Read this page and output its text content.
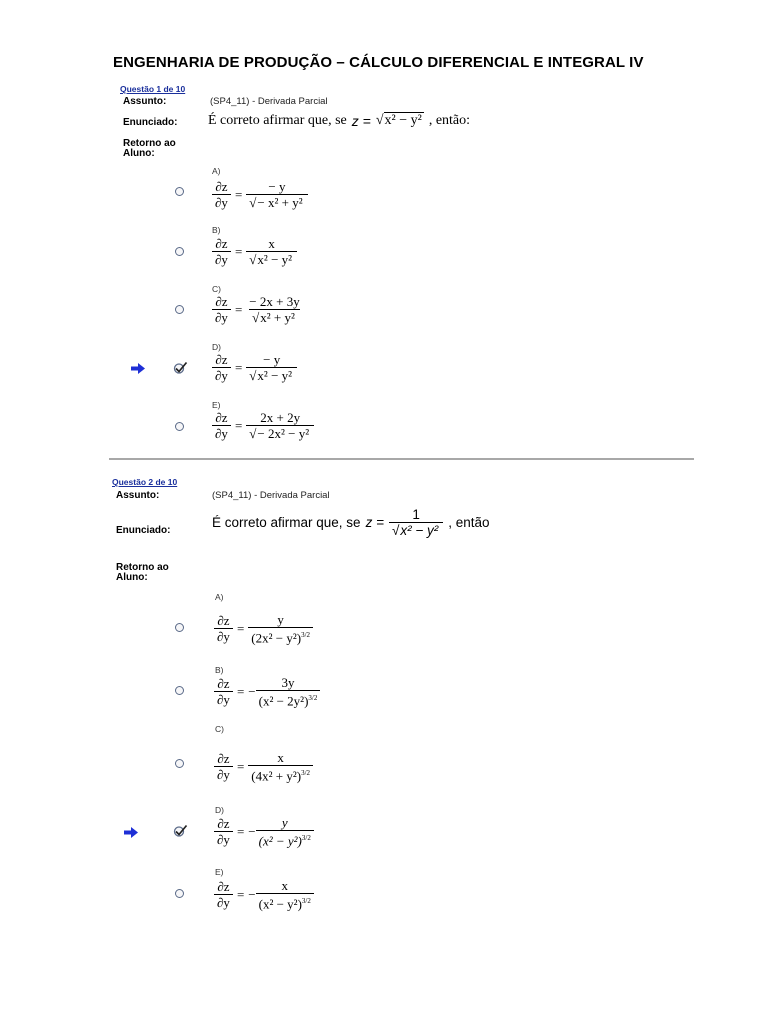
ENGENHARIA DE PRODUÇÃO – CÁLCULO DIFERENCIAL E INTEGRAL IV
Questão 1 de 10
Assunto:	(SP4_11) - Derivada Parcial
Enunciado: É correto afirmar que, se z = √x² − y² , então:
Retorno ao Aluno:
A)
$\frac{\partial z}{\partial y} = \frac{- y}{\text{√− x² + y²}}$
B)
$\frac{\partial z}{\partial y} = \frac{x}{\text{√x² − y²}}$
C)
$\frac{\partial z}{\partial y} = \frac{- 2x + 3y}{\text{√x² + y²}}$
D)
$\frac{\partial z}{\partial y} = \frac{- y}{\text{√x² − y²}}$
E)
$\frac{\partial z}{\partial y} = \frac{2x + 2y}{\text{√− 2x² − y²}}$
Questão 2 de 10
Assunto:	(SP4_11) - Derivada Parcial
Enunciado:
É correto afirmar que, se $z = \frac{1}{\text{√x² − y²}}$ , então
Retorno ao Aluno:
A)
$\frac{\partial z}{\partial y} = \frac{y}{(2x^2 - y^2)^{3/2}}$
B)
$\frac{\partial z}{\partial y}$ = − $\frac{3y}{(x^2 - 2y^2)^{3/2}}$
C)
$\frac{\partial z}{\partial y} = \frac{x}{(4x^2 + y^2)^{3/2}}$
D)
$\frac{\partial z}{\partial y}$ = − $\frac{y}{(x^2 - y^2)^{3/2}}$
E)
$\frac{\partial z}{\partial y}$ = − $\frac{x}{(x^2 - y^2)^{3/2}}$
